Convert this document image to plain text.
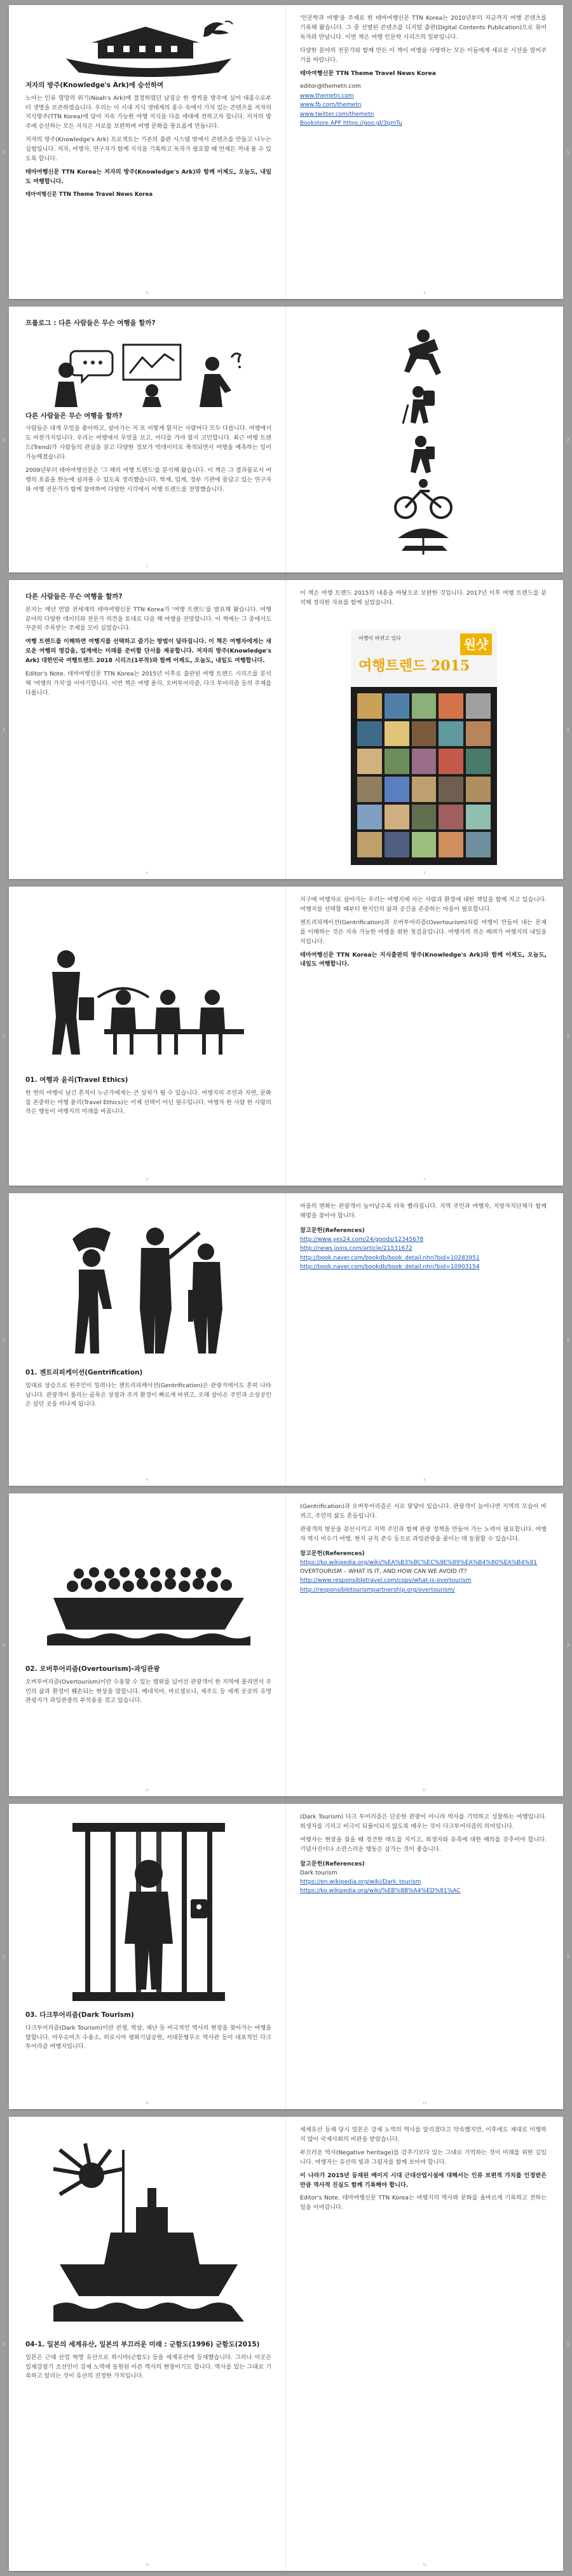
저자의 방주(Knowledge's Ark)에 승선하며

노아는 인류 멸망의 위기(Noah's Ark)에 결정하였던 날짐승 한 쌍씩을 방주에 실어 대홍수로부터 생명을 보존하였습니다. 우리는 이 시대 지식 생태계의 홍수 속에서 가치 있는 콘텐츠를 저자의 지식방주(TTN Korea)에 담아 지속 가능한 여행 지식을 다음 세대에 전하고자 합니다. 저자의 방주에 승선하는 모든 지식은 서로를 보완하며 여행 문화를 풍요롭게 만듭니다.

저자의 방주(Knowledge's Ark) 프로젝트는 기존의 출판 시스템 밖에서 콘텐츠를 만들고 나누는 실험입니다. 저자, 여행자, 연구자가 함께 지식을 기록하고 독자가 필요할 때 언제든 꺼내 볼 수 있도록 합니다.

테마여행신문 TTN Korea는 저자의 방주(Knowledge's Ark)와 함께 어제도, 오늘도, 내일도 여행합니다.

테마여행신문 TTN Theme Travel News Korea

8

'인문학과 여행'을 주제로 한 테마여행신문 TTN Korea는 2010년부터 지금까지 여행 콘텐츠를 기록해 왔습니다. 그 중 선별된 콘텐츠를 디지털 출판(Digital Contents Publication)으로 묶어 독자와 만납니다. 이번 책은 여행 인문학 시리즈의 일부입니다.

다양한 분야의 전문가와 함께 만든 이 책이 여행을 사랑하는 모든 이들에게 새로운 시선을 열어주기를 바랍니다.

테마여행신문 TTN Theme Travel News Korea

editor@themetn.com
www.themetn.com
www.fb.com/themetn
www.twitter.com/themetn
Bookstore APP https://goo.gl/3qmTu
9
‹	›
프롤로그 : 다른 사람들은 무슨 여행을 할까?
다른 사람들은 무슨 여행을 할까?

사람들은 대개 무엇을 좋아하고, 살아가는 지 또 어떻게 할지는 사람마다 모두 다릅니다. 여행에서도 마찬가지입니다. 우리는 여행에서 무엇을 보고, 어디를 가야 할지 고민합니다. 최근 여행 트렌드(Trend)가 사람들의 관심을 끌고 다양한 정보가 빅데이터로 축적되면서 여행을 예측하는 일이 가능해졌습니다.

2009년부터 테마여행신문은 '그 해의 여행 트렌드'를 분석해 왔습니다. 이 책은 그 결과물로서 여행의 흐름을 한눈에 살펴볼 수 있도록 정리했습니다. 학계, 업계, 정부 기관에 몸담고 있는 연구자와 여행 전문가가 함께 참여하여 다양한 시각에서 여행 트렌드를 전망했습니다.

2
‹	›
다른 사람들은 무슨 여행을 할까?

본지는 매년 연말 전세계의 테마여행신문 TTN Korea가 '여행 트렌드'를 발표해 왔습니다. 여행 분야의 다양한 데이터와 전문가 의견을 토대로 다음 해 여행을 전망합니다. 이 책에는 그 중에서도 꾸준히 주목받는 주제를 모아 실었습니다.

여행 트렌드를 이해하면 여행지를 선택하고 즐기는 방법이 달라집니다. 이 책은 여행자에게는 새로운 여행의 영감을, 업계에는 미래를 준비할 단서를 제공합니다. 저자의 방주(Knowledge's Ark) 대한민국 여행트렌드 2018 시리즈(1부작)와 함께 어제도, 오늘도, 내일도 여행합니다.

Editor's Note. 테마여행신문 TTN Korea는 2015년 이후로 출판된 여행 트렌드 시리즈를 분석해 '여행의 가치'를 이야기합니다. 이번 책은 여행 윤리, 오버투어리즘, 다크 투어리즘 등의 주제를 다룹니다.

4

이 책은 여행 트렌드 2015의 내용을 바탕으로 보완한 것입니다. 2017년 이후 여행 트렌드를 분석해 정리한 자료를 함께 실었습니다.

여행이 바뀌고 있다
여행트렌드 2015
원샷
5
‹	›
01. 여행과 윤리(Travel Ethics)

한 번의 여행이 남긴 흔적이 누군가에게는 큰 상처가 될 수 있습니다. 여행지의 주민과 자연, 문화를 존중하는 여행 윤리(Travel Ethics)는 이제 선택이 아닌 필수입니다. 여행자 한 사람 한 사람의 작은 행동이 여행지의 미래를 바꿉니다.

6

지구에 여행자로 살아가는 우리는 여행지에 사는 사람과 환경에 대한 책임을 함께 지고 있습니다. 여행지를 선택할 때부터 현지인의 삶과 공간을 존중하는 마음이 필요합니다.

젠트리피케이션(Gentrification)과 오버투어리즘(Overtourism)처럼 여행이 만들어 내는 문제를 이해하는 것은 지속 가능한 여행을 위한 첫걸음입니다. 여행자의 작은 배려가 여행지의 내일을 지킵니다.

테마여행신문 TTN Korea는 지식출판의 방주(Knowledge's Ark)와 함께 어제도, 오늘도, 내일도 여행합니다.

7
‹	›
01. 젠트리피케이션(Gentrification)

임대료 상승으로 원주민이 밀려나는 젠트리피케이션(Gentrification)은 관광지에서도 흔히 나타납니다. 관광객이 몰리는 골목은 상점과 주거 환경이 빠르게 바뀌고, 오래 살아온 주민과 소상공인은 살던 곳을 떠나게 됩니다.

8

마을의 변화는 관광객이 늘어날수록 더욱 빨라집니다. 지역 주민과 여행자, 지방자치단체가 함께 해법을 찾아야 합니다.

참고문헌(References)
http://www.yes24.com/24/goods/12345678
http://news.joins.com/article/21531672
http://book.naver.com/bookdb/book_detail.nhn?bid=10283951
http://book.naver.com/bookdb/book_detail.nhn?bid=10903154
9
‹	›
02. 오버투어리즘(Overtourism)-과잉관광

오버투어리즘(Overtourism)이란 수용할 수 있는 범위를 넘어선 관광객이 한 지역에 몰리면서 주민의 삶과 환경이 훼손되는 현상을 말합니다. 베네치아, 바르셀로나, 제주도 등 세계 곳곳의 유명 관광지가 과잉관광의 부작용을 겪고 있습니다.

10

(Gentrification)과 오버투어리즘은 서로 맞닿아 있습니다. 관광객이 늘어나면 지역의 모습이 바뀌고, 주민의 삶도 흔들립니다.

관광객의 방문을 분산시키고 지역 주민과 함께 관광 정책을 만들어 가는 노력이 필요합니다. 여행자 역시 비수기 여행, 현지 규칙 준수 등으로 과잉관광을 줄이는 데 동참할 수 있습니다.

참고문헌(References)
https://ko.wikipedia.org/wiki/%EA%B3%BC%EC%9E%89%EA%B4%80%EA%B4%91
OVERTOURISM – WHAT IS IT, AND HOW CAN WE AVOID IT?
http://www.responsibletravel.com/copy/what-is-overtourism
http://responsibletourismpartnership.org/overtourism/
11
‹	›
03. 다크투어리즘(Dark Tourism)

다크투어리즘(Dark Tourism)이란 전쟁, 학살, 재난 등 비극적인 역사의 현장을 찾아가는 여행을 말합니다. 아우슈비츠 수용소, 히로시마 평화기념공원, 서대문형무소 역사관 등이 대표적인 다크투어리즘 여행지입니다.

12

(Dark Tourism) 다크 투어리즘은 단순한 관광이 아니라 역사를 기억하고 성찰하는 여행입니다. 희생자를 기리고 비극이 되풀이되지 않도록 배우는 것이 다크투어리즘의 의미입니다.

여행자는 현장을 찾을 때 경건한 태도를 지키고, 희생자와 유족에 대한 예의를 갖추어야 합니다. 기념사진이나 소란스러운 행동은 삼가는 것이 좋습니다.

참고문헌(References)
Dark tourism
https://en.wikipedia.org/wiki/Dark_tourism
https://ko.wikipedia.org/wiki/%EB%8B%A4%ED%81%AC
13
‹	›
04-1. 일본의 세계유산, 일본의 부끄러운 미래 : 군함도(1996) 군함도(2015)

일본은 근대 산업 혁명 유산으로 하시마(군함도) 등을 세계유산에 등재했습니다. 그러나 이곳은 일제강점기 조선인이 강제 노역에 동원된 아픈 역사의 현장이기도 합니다. 역사를 있는 그대로 기록하고 알리는 것이 유산의 진정한 가치입니다.

14

세계유산 등재 당시 일본은 강제 노역의 역사를 알리겠다고 약속했지만, 이후에도 제대로 이행하지 않아 국제사회의 비판을 받았습니다.

부끄러운 역사(Negative heritage)를 감추기보다 있는 그대로 기억하는 것이 미래를 위한 길입니다. 여행자는 유산의 빛과 그림자를 함께 보아야 합니다.

이 나라가 2015년 등재된 메이지 시대 근대산업시설에 대해서는 인류 보편적 가치를 인정받은 만큼 역사적 진실도 함께 기록해야 합니다.

Editor's Note. 테마여행신문 TTN Korea는 여행지의 역사와 문화를 올바르게 기록하고 전하는 일을 이어갑니다.

15
‹	›
